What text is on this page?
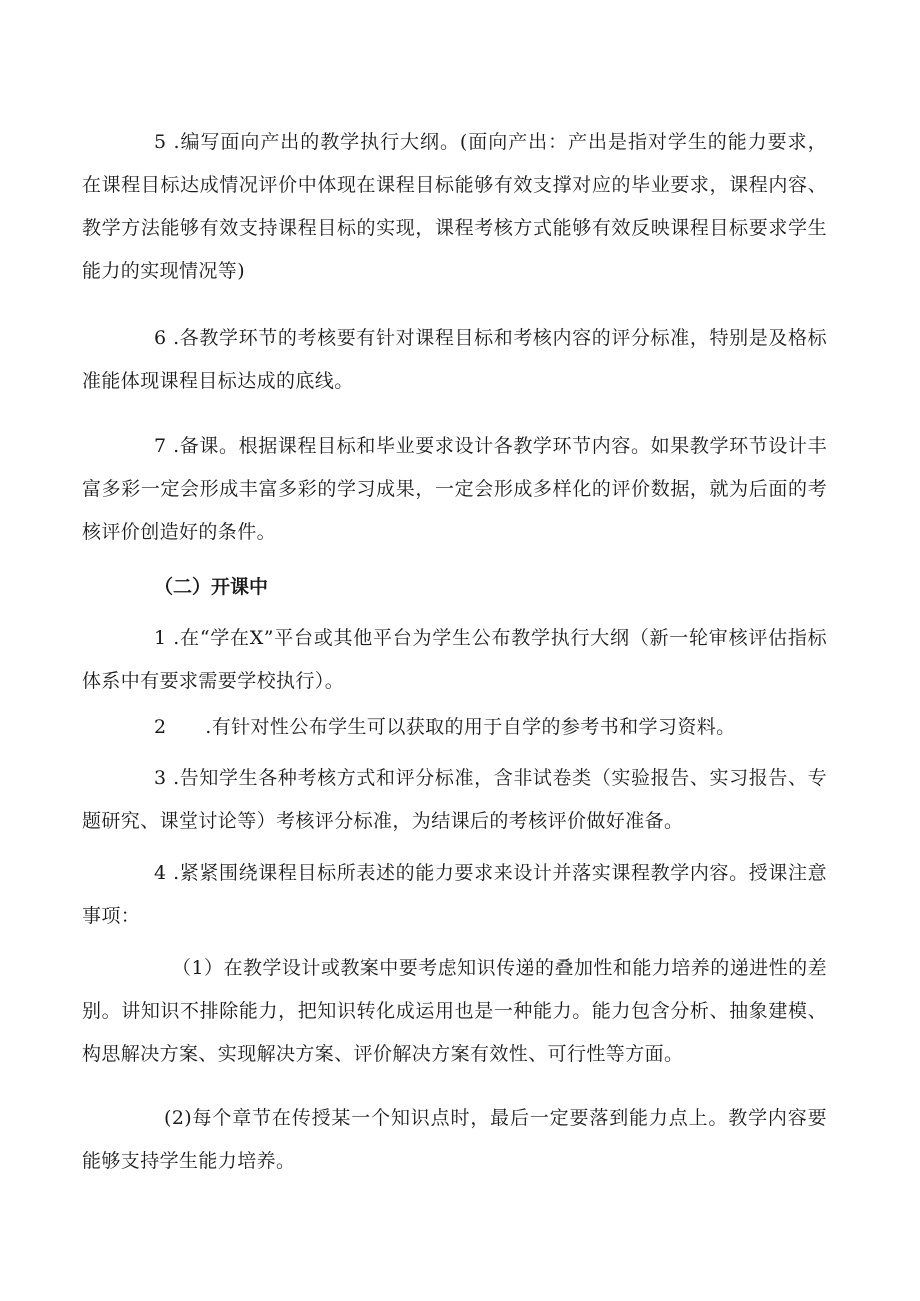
5 .编写面向产出的教学执行大纲。(面向产出：产出是指对学生的能力要求，在课程目标达成情况评价中体现在课程目标能够有效支撑对应的毕业要求，课程内容、教学方法能够有效支持课程目标的实现，课程考核方式能够有效反映课程目标要求学生能力的实现情况等)

6 .各教学环节的考核要有针对课程目标和考核内容的评分标准，特别是及格标准能体现课程目标达成的底线。

7 .备课。根据课程目标和毕业要求设计各教学环节内容。如果教学环节设计丰富多彩一定会形成丰富多彩的学习成果，一定会形成多样化的评价数据，就为后面的考核评价创造好的条件。

（二）开课中

1 .在“学在X”平台或其他平台为学生公布教学执行大纲（新一轮审核评估指标体系中有要求需要学校执行）。

2　　.有针对性公布学生可以获取的用于自学的参考书和学习资料。

3 .告知学生各种考核方式和评分标准，含非试卷类（实验报告、实习报告、专题研究、课堂讨论等）考核评分标准，为结课后的考核评价做好准备。

4 .紧紧围绕课程目标所表述的能力要求来设计并落实课程教学内容。授课注意事项：

（1）在教学设计或教案中要考虑知识传递的叠加性和能力培养的递进性的差别。讲知识不排除能力，把知识转化成运用也是一种能力。能力包含分析、抽象建模、构思解决方案、实现解决方案、评价解决方案有效性、可行性等方面。

(2)每个章节在传授某一个知识点时，最后一定要落到能力点上。教学内容要能够支持学生能力培养。
